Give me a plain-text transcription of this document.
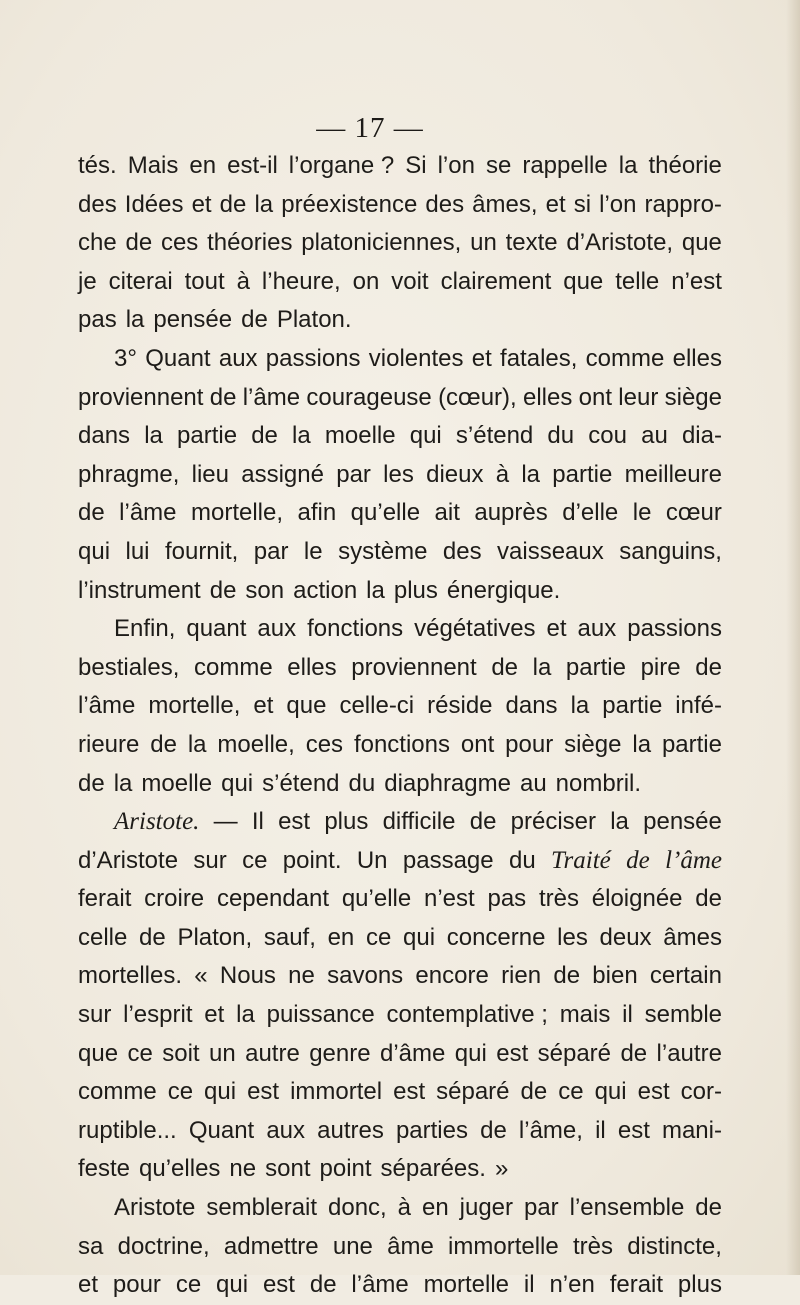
— 17 —
tés. Mais en est-il l’organe ? Si l’on se rappelle la théorie
des Idées et de la préexistence des âmes, et si l’on rappro-
che de ces théories platoniciennes, un texte d’Aristote, que
je citerai tout à l’heure, on voit clairement que telle n’est
pas la pensée de Platon.
3° Quant aux passions violentes et fatales, comme elles
proviennent de l’âme courageuse (cœur), elles ont leur siège
dans la partie de la moelle qui s’étend du cou au dia-
phragme, lieu assigné par les dieux à la partie meilleure
de l’âme mortelle, afin qu’elle ait auprès d’elle le cœur
qui lui fournit, par le système des vaisseaux sanguins,
l’instrument de son action la plus énergique.
Enfin, quant aux fonctions végétatives et aux passions
bestiales, comme elles proviennent de la partie pire de
l’âme mortelle, et que celle-ci réside dans la partie infé-
rieure de la moelle, ces fonctions ont pour siège la partie
de la moelle qui s’étend du diaphragme au nombril.
Aristote. — Il est plus difficile de préciser la pensée
d’Aristote sur ce point. Un passage du Traité de l’âme
ferait croire cependant qu’elle n’est pas très éloignée de
celle de Platon, sauf, en ce qui concerne les deux âmes
mortelles. « Nous ne savons encore rien de bien certain
sur l’esprit et la puissance contemplative ; mais il semble
que ce soit un autre genre d’âme qui est séparé de l’autre
comme ce qui est immortel est séparé de ce qui est cor-
ruptible... Quant aux autres parties de l’âme, il est mani-
feste qu’elles ne sont point séparées. »
Aristote semblerait donc, à en juger par l’ensemble de
sa doctrine, admettre une âme immortelle très distincte,
et pour ce qui est de l’âme mortelle il n’en ferait plus
